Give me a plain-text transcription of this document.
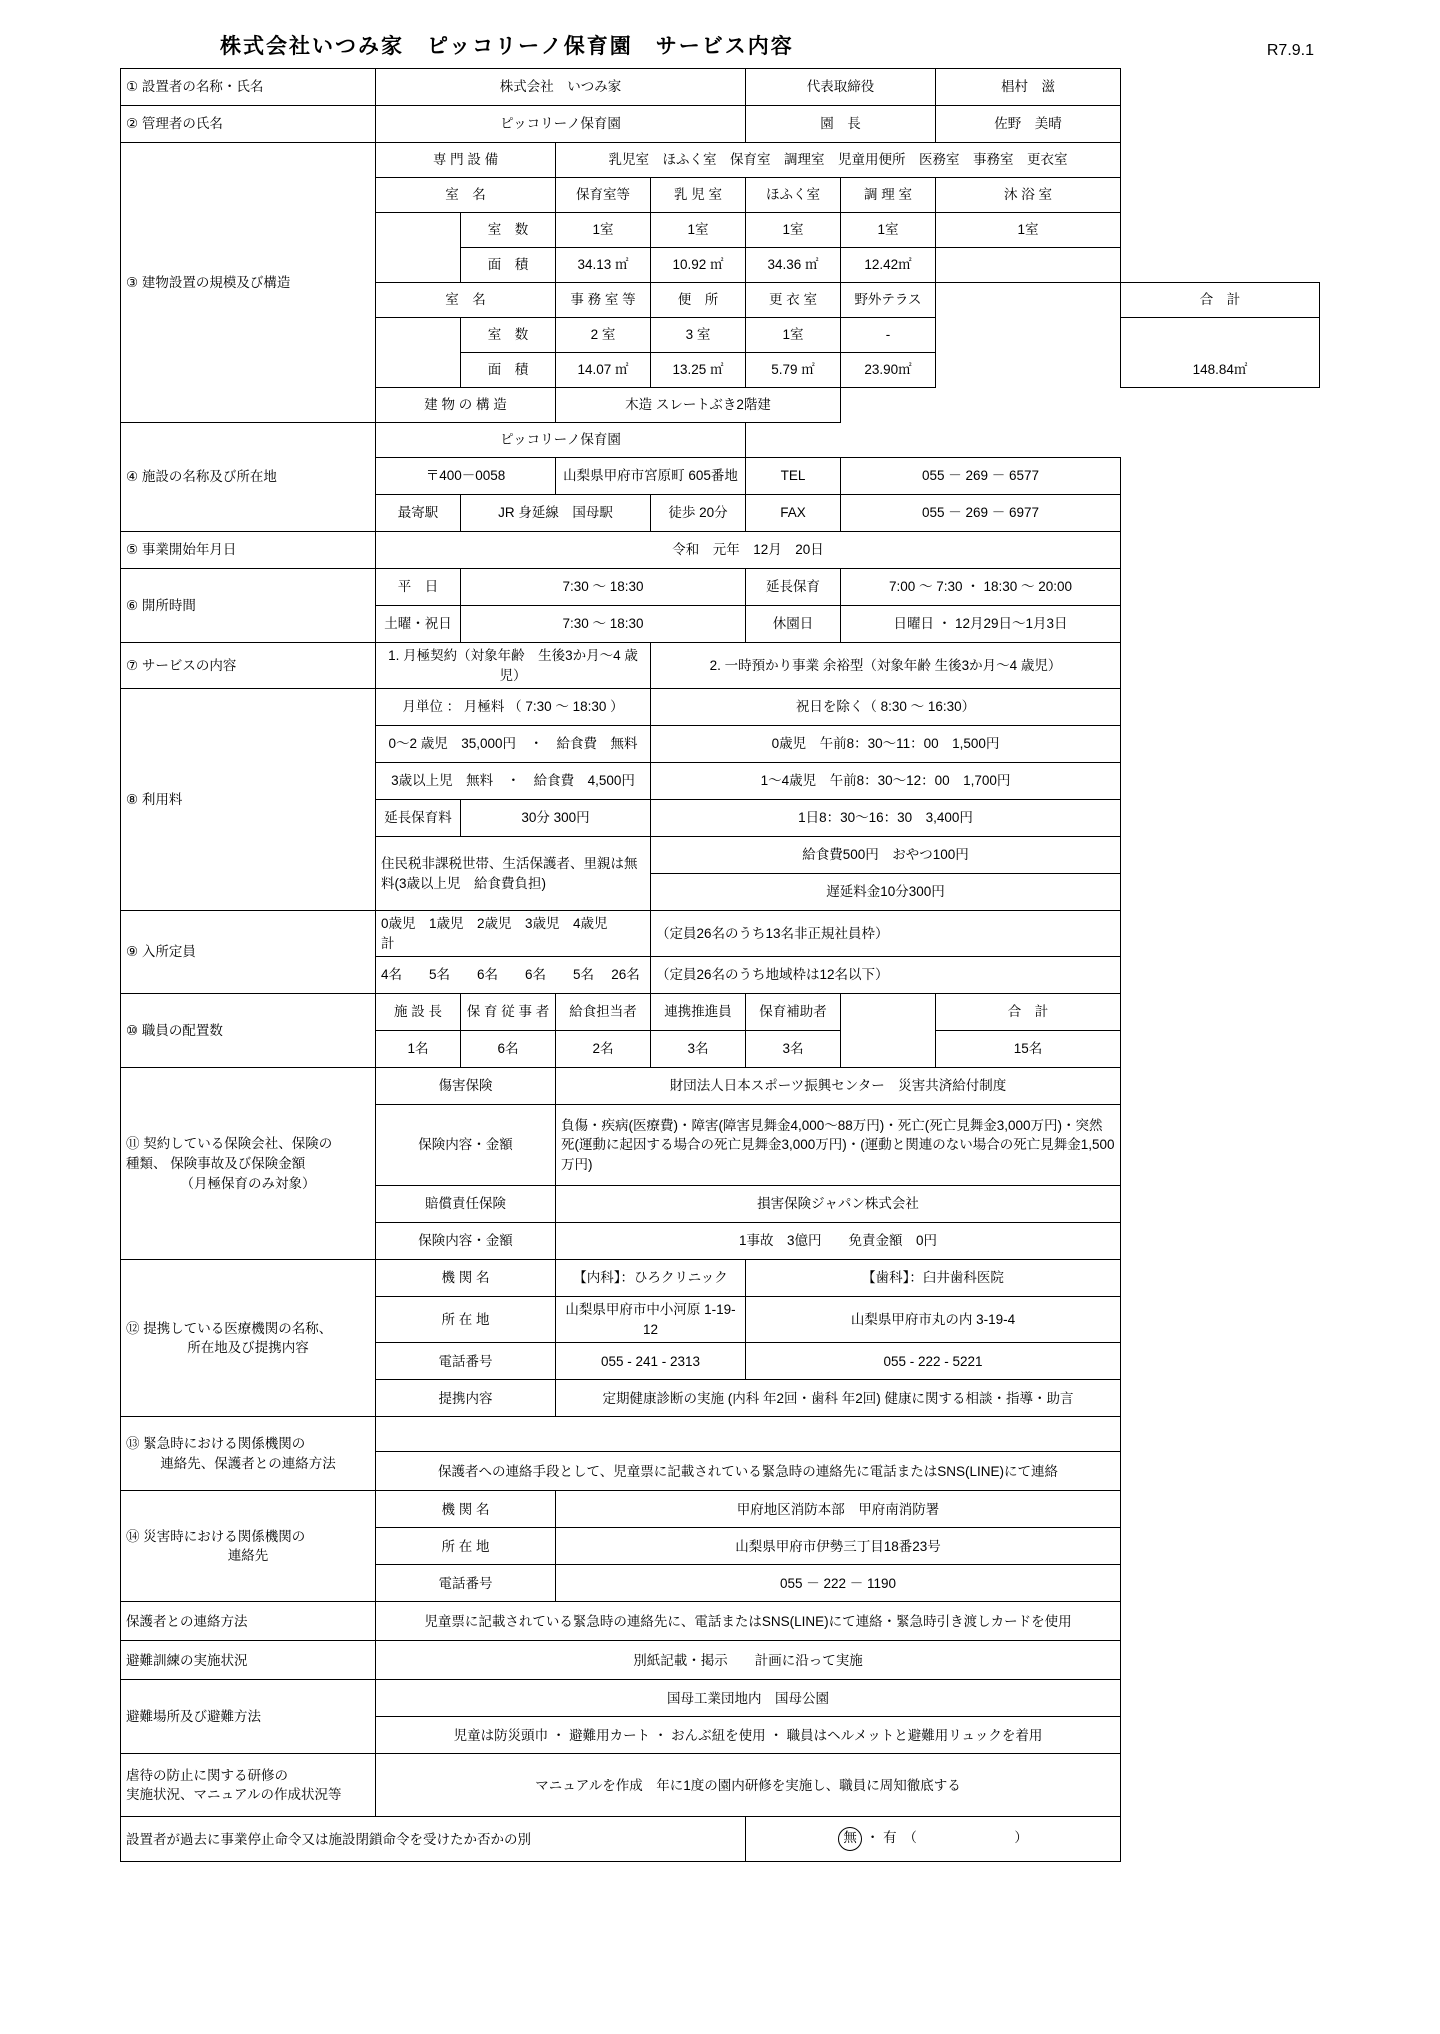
株式会社いつみ家　ピッコリーノ保育園　サービス内容	R7.9.1
① 設置者の名称・氏名	株式会社　いつみ家				代表取締役		椙村　滋	
② 管理者の氏名	ピッコリーノ保育園				園　長		佐野　美晴	
③ 建物設置の規模及び構造	専 門 設 備		乳児室　ほふく室　保育室　調理室　児童用便所　医務室　事務室　更衣室					
	室　名		保育室等	乳 児 室	ほふく室	調 理 室	沐 浴 室	
		室　数	1室	1室	1室	1室	1室	
		面　積	34.13 ㎡	10.92 ㎡	34.36 ㎡	12.42㎡		
	室　名		事 務 室 等	便　所	更 衣 室	野外テラス		合　計
		室　数	2 室	3 室	1室	-		
		面　積	14.07 ㎡	13.25 ㎡	5.79 ㎡	23.90㎡		148.84㎡
	建 物 の 構 造		木造 スレートぶき2階建					
④ 施設の名称及び所在地	ピッコリーノ保育園							
	〒400－0058		山梨県甲府市宮原町 605番地		TEL	055 － 269 － 6577		
	最寄駅	JR 身延線　国母駅		徒歩 20分	FAX	055 － 269 － 6977		
⑤ 事業開始年月日	令和　元年　12月　20日							
⑥ 開所時間	平　日	7:30 ～ 18:30			延長保育	7:00 ～ 7:30 ・ 18:30 ～ 20:00		
	土曜・祝日	7:30 ～ 18:30			休園日	日曜日 ・ 12月29日～1月3日		
⑦ サービスの内容	1. 月極契約（対象年齢　生後3か月～4 歳児）			2. 一時預かり事業 余裕型（対象年齢 生後3か月～4 歳児）				
⑧ 利用料	月単位 ： 月極料 （ 7:30 ～ 18:30 ）			祝日を除く（ 8:30 ～ 16:30）				
	0～2 歳児　35,000円　・　給食費　無料			0歳児　午前8：30～11：00　1,500円				
	3歳以上児　無料　・　給食費　4,500円			1～4歳児　午前8：30～12：00　1,700円				
	延長保育料	30分 300円		1日8：30～16：30　3,400円				
	住民税非課税世帯、生活保護者、里親は無料(3歳以上児　給食費負担)			給食費500円　おやつ100円				
				遅延料金10分300円				
⑨ 入所定員	0歳児　1歳児　2歳児　3歳児　4歳児　　計			（定員26名のうち13名非正規社員枠）				
	4名　　5名　　6名　　6名　　5名　 26名			（定員26名のうち地域枠は12名以下）				
⑩ 職員の配置数	施 設 長	保 育 従 事 者	給食担当者	連携推進員	保育補助者		合　計	
	1名	6名	2名	3名	3名		15名	

⑪ 契約している保険会社、保険の
種類、 保険事故及び保険金額
（月極保育のみ対象）	傷害保険		財団法人日本スポーツ振興センター　災害共済給付制度					
	保険内容・金額		負傷・疾病(医療費)・障害(障害見舞金4,000～88万円)・死亡(死亡見舞金3,000万円)・突然死(運動に起因する場合の死亡見舞金3,000万円)・(運動と関連のない場合の死亡見舞金1,500万円)					
	賠償責任保険		損害保険ジャパン株式会社					
	保険内容・金額		1事故　3億円　　免責金額　0円					

⑫ 提携している医療機関の名称、
所在地及び提携内容	機 関 名		【内科】：ひろクリニック		【歯科】：臼井歯科医院			
	所 在 地		山梨県甲府市中小河原 1-19-12		山梨県甲府市丸の内 3-19-4			
	電話番号		055 - 241 - 2313		055 - 222 - 5221			
	提携内容		定期健康診断の実施 (内科 年2回・歯科 年2回) 健康に関する相談・指導・助言					

⑬ 緊急時における関係機関の
連絡先、保護者との連絡方法								

	保護者への連絡手段として、児童票に記載されている緊急時の連絡先に電話またはSNS(LINE)にて連絡							

⑭ 災害時における関係機関の
連絡先	機 関 名		甲府地区消防本部　甲府南消防署					
	所 在 地		山梨県甲府市伊勢三丁目18番23号					
	電話番号		055 － 222 － 1190					
保護者との連絡方法	児童票に記載されている緊急時の連絡先に、電話またはSNS(LINE)にて連絡・緊急時引き渡しカードを使用							
避難訓練の実施状況	別紙記載・掲示　　計画に沿って実施							
避難場所及び避難方法	国母工業団地内　国母公園							
	児童は防災頭巾 ・ 避難用カート ・ おんぶ紐を使用 ・ 職員はヘルメットと避難用リュックを着用							

虐待の防止に関する研修の
実施状況、マニュアルの作成状況等	マニュアルを作成　年に1度の園内研修を実施し、職員に周知徹底する							
設置者が過去に事業停止命令又は施設閉鎖命令を受けたか否かの別					無 ・ 有　（ ）			
